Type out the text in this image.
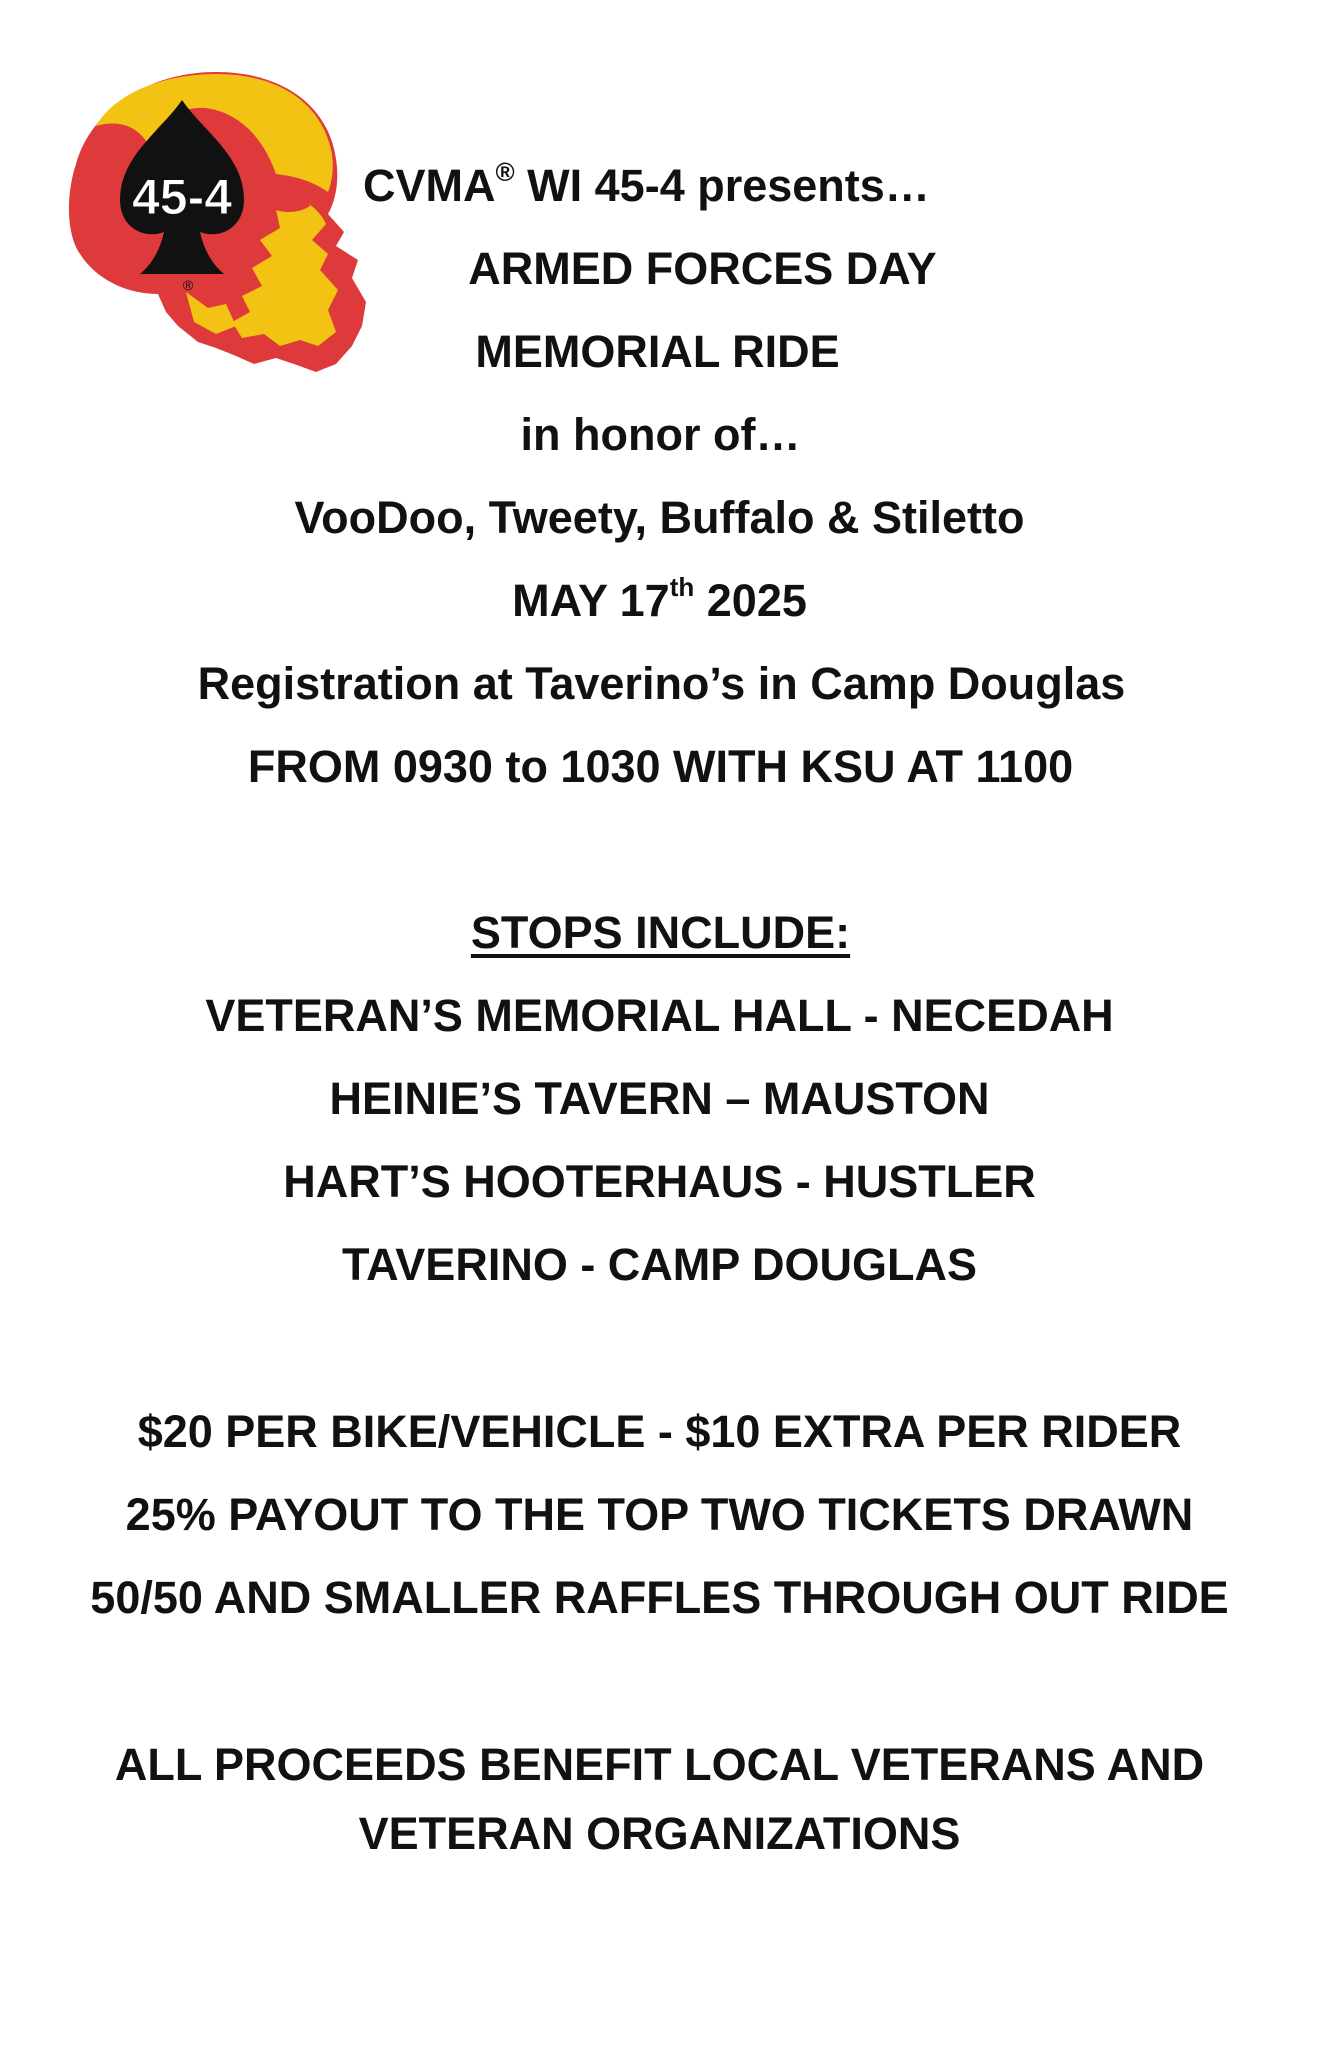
45-4
®
CVMA® WI 45-4 presents…
ARMED FORCES DAY
MEMORIAL RIDE
in honor of…
VooDoo, Tweety, Buffalo & Stiletto
MAY 17th 2025
Registration at Taverino’s in Camp Douglas
FROM 0930 to 1030 WITH KSU AT 1100
STOPS INCLUDE:
VETERAN’S MEMORIAL HALL - NECEDAH
HEINIE’S TAVERN – MAUSTON
HART’S HOOTERHAUS - HUSTLER
TAVERINO - CAMP DOUGLAS
$20 PER BIKE/VEHICLE - $10 EXTRA PER RIDER
25% PAYOUT TO THE TOP TWO TICKETS DRAWN
50/50 AND SMALLER RAFFLES THROUGH OUT RIDE
ALL PROCEEDS BENEFIT LOCAL VETERANS AND
VETERAN ORGANIZATIONS
